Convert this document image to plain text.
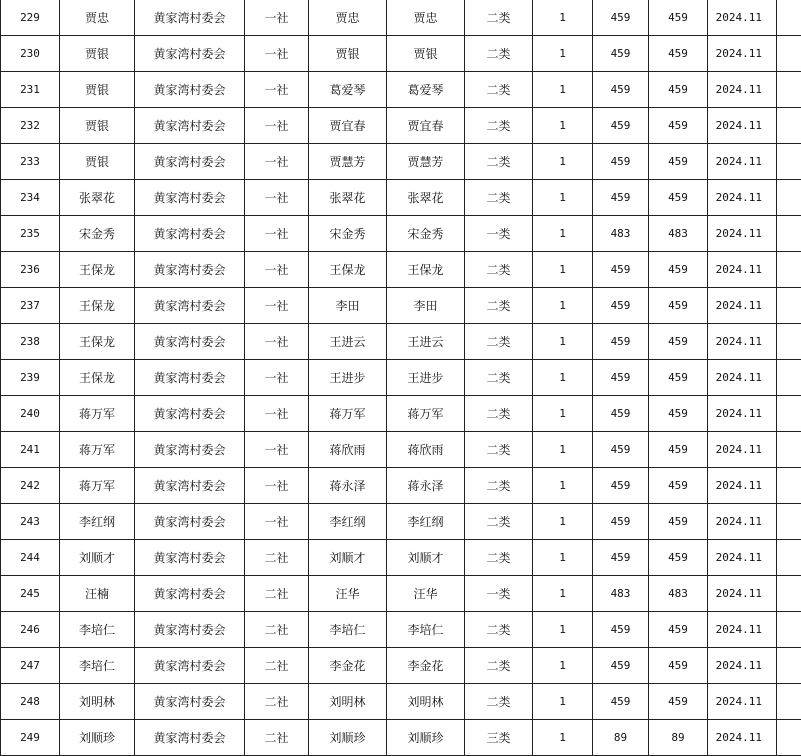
229	贾忠	黄家湾村委会	一社	贾忠	贾忠	二类	1	459	459	2024.11	
230	贾银	黄家湾村委会	一社	贾银	贾银	二类	1	459	459	2024.11	
231	贾银	黄家湾村委会	一社	葛爱琴	葛爱琴	二类	1	459	459	2024.11	
232	贾银	黄家湾村委会	一社	贾宜春	贾宜春	二类	1	459	459	2024.11	
233	贾银	黄家湾村委会	一社	贾慧芳	贾慧芳	二类	1	459	459	2024.11	
234	张翠花	黄家湾村委会	一社	张翠花	张翠花	二类	1	459	459	2024.11	
235	宋金秀	黄家湾村委会	一社	宋金秀	宋金秀	一类	1	483	483	2024.11	
236	王保龙	黄家湾村委会	一社	王保龙	王保龙	二类	1	459	459	2024.11	
237	王保龙	黄家湾村委会	一社	李田	李田	二类	1	459	459	2024.11	
238	王保龙	黄家湾村委会	一社	王进云	王进云	二类	1	459	459	2024.11	
239	王保龙	黄家湾村委会	一社	王进步	王进步	二类	1	459	459	2024.11	
240	蒋万军	黄家湾村委会	一社	蒋万军	蒋万军	二类	1	459	459	2024.11	
241	蒋万军	黄家湾村委会	一社	蒋欣雨	蒋欣雨	二类	1	459	459	2024.11	
242	蒋万军	黄家湾村委会	一社	蒋永泽	蒋永泽	二类	1	459	459	2024.11	
243	李红纲	黄家湾村委会	一社	李红纲	李红纲	二类	1	459	459	2024.11	
244	刘顺才	黄家湾村委会	二社	刘顺才	刘顺才	二类	1	459	459	2024.11	
245	汪楠	黄家湾村委会	二社	汪华	汪华	一类	1	483	483	2024.11	
246	李培仁	黄家湾村委会	二社	李培仁	李培仁	二类	1	459	459	2024.11	
247	李培仁	黄家湾村委会	二社	李金花	李金花	二类	1	459	459	2024.11	
248	刘明林	黄家湾村委会	二社	刘明林	刘明林	二类	1	459	459	2024.11	
249	刘顺珍	黄家湾村委会	二社	刘顺珍	刘顺珍	三类	1	89	89	2024.11	
